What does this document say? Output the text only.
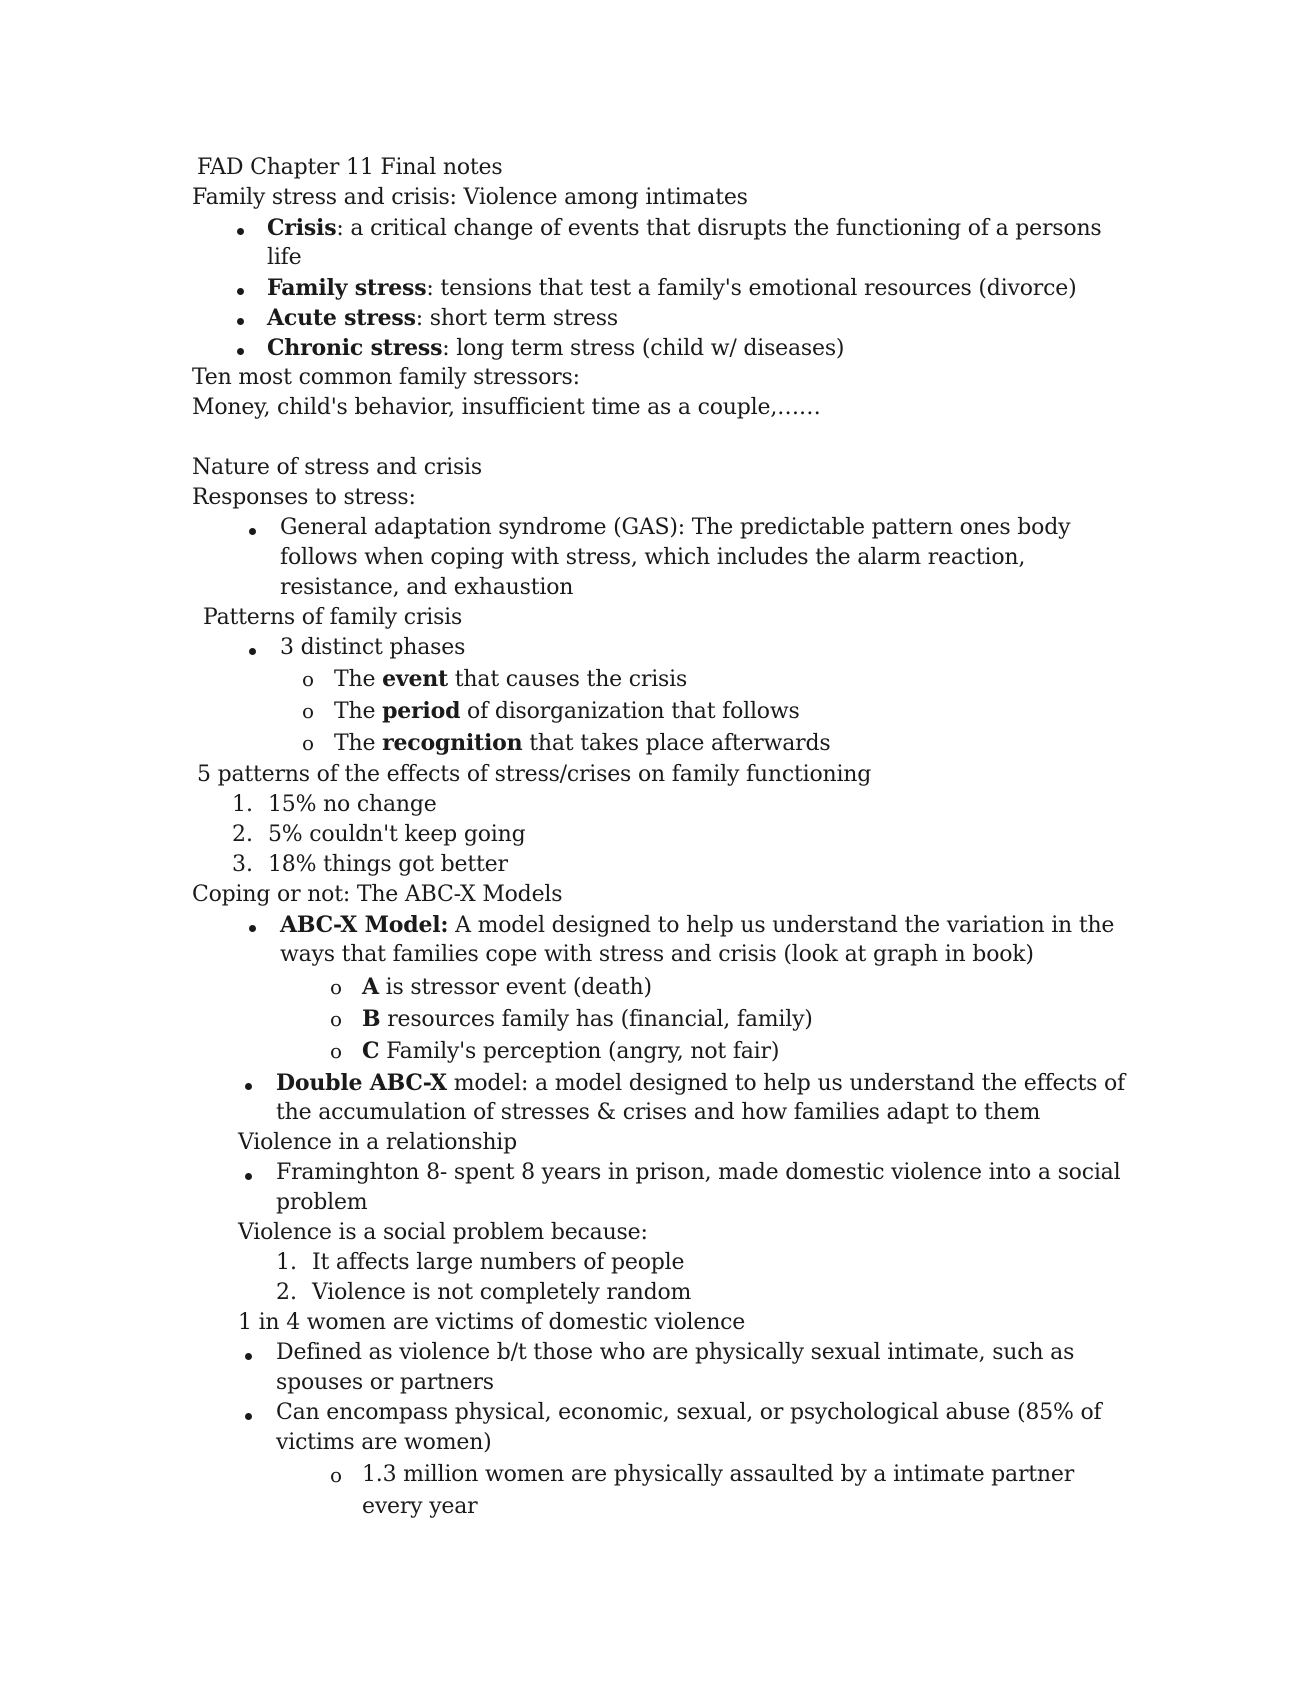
FAD Chapter 11 Final notes
Family stress and crisis: Violence among intimates
Crisis: a critical change of events that disrupts the functioning of a persons
life
Family stress: tensions that test a family's emotional resources (divorce)
Acute stress: short term stress
Chronic stress: long term stress (child w/ diseases)
Ten most common family stressors:
Money, child's behavior, insufficient time as a couple,……
Nature of stress and crisis
Responses to stress:
General adaptation syndrome (GAS): The predictable pattern ones body
follows when coping with stress, which includes the alarm reaction,
resistance, and exhaustion
Patterns of family crisis
3 distinct phases
o The event that causes the crisis
o The period of disorganization that follows
o The recognition that takes place afterwards
5 patterns of the effects of stress/crises on family functioning
1. 15% no change
2. 5% couldn't keep going
3. 18% things got better
Coping or not: The ABC-X Models
ABC-X Model: A model designed to help us understand the variation in the
ways that families cope with stress and crisis (look at graph in book)
o A is stressor event (death)
o B resources family has (financial, family)
o C Family's perception (angry, not fair)
Double ABC-X model: a model designed to help us understand the effects of
the accumulation of stresses & crises and how families adapt to them
Violence in a relationship
Framinghton 8- spent 8 years in prison, made domestic violence into a social
problem
Violence is a social problem because:
1. It affects large numbers of people
2. Violence is not completely random
1 in 4 women are victims of domestic violence
Defined as violence b/t those who are physically sexual intimate, such as
spouses or partners
Can encompass physical, economic, sexual, or psychological abuse (85% of
victims are women)
o 1.3 million women are physically assaulted by a intimate partner
every year
